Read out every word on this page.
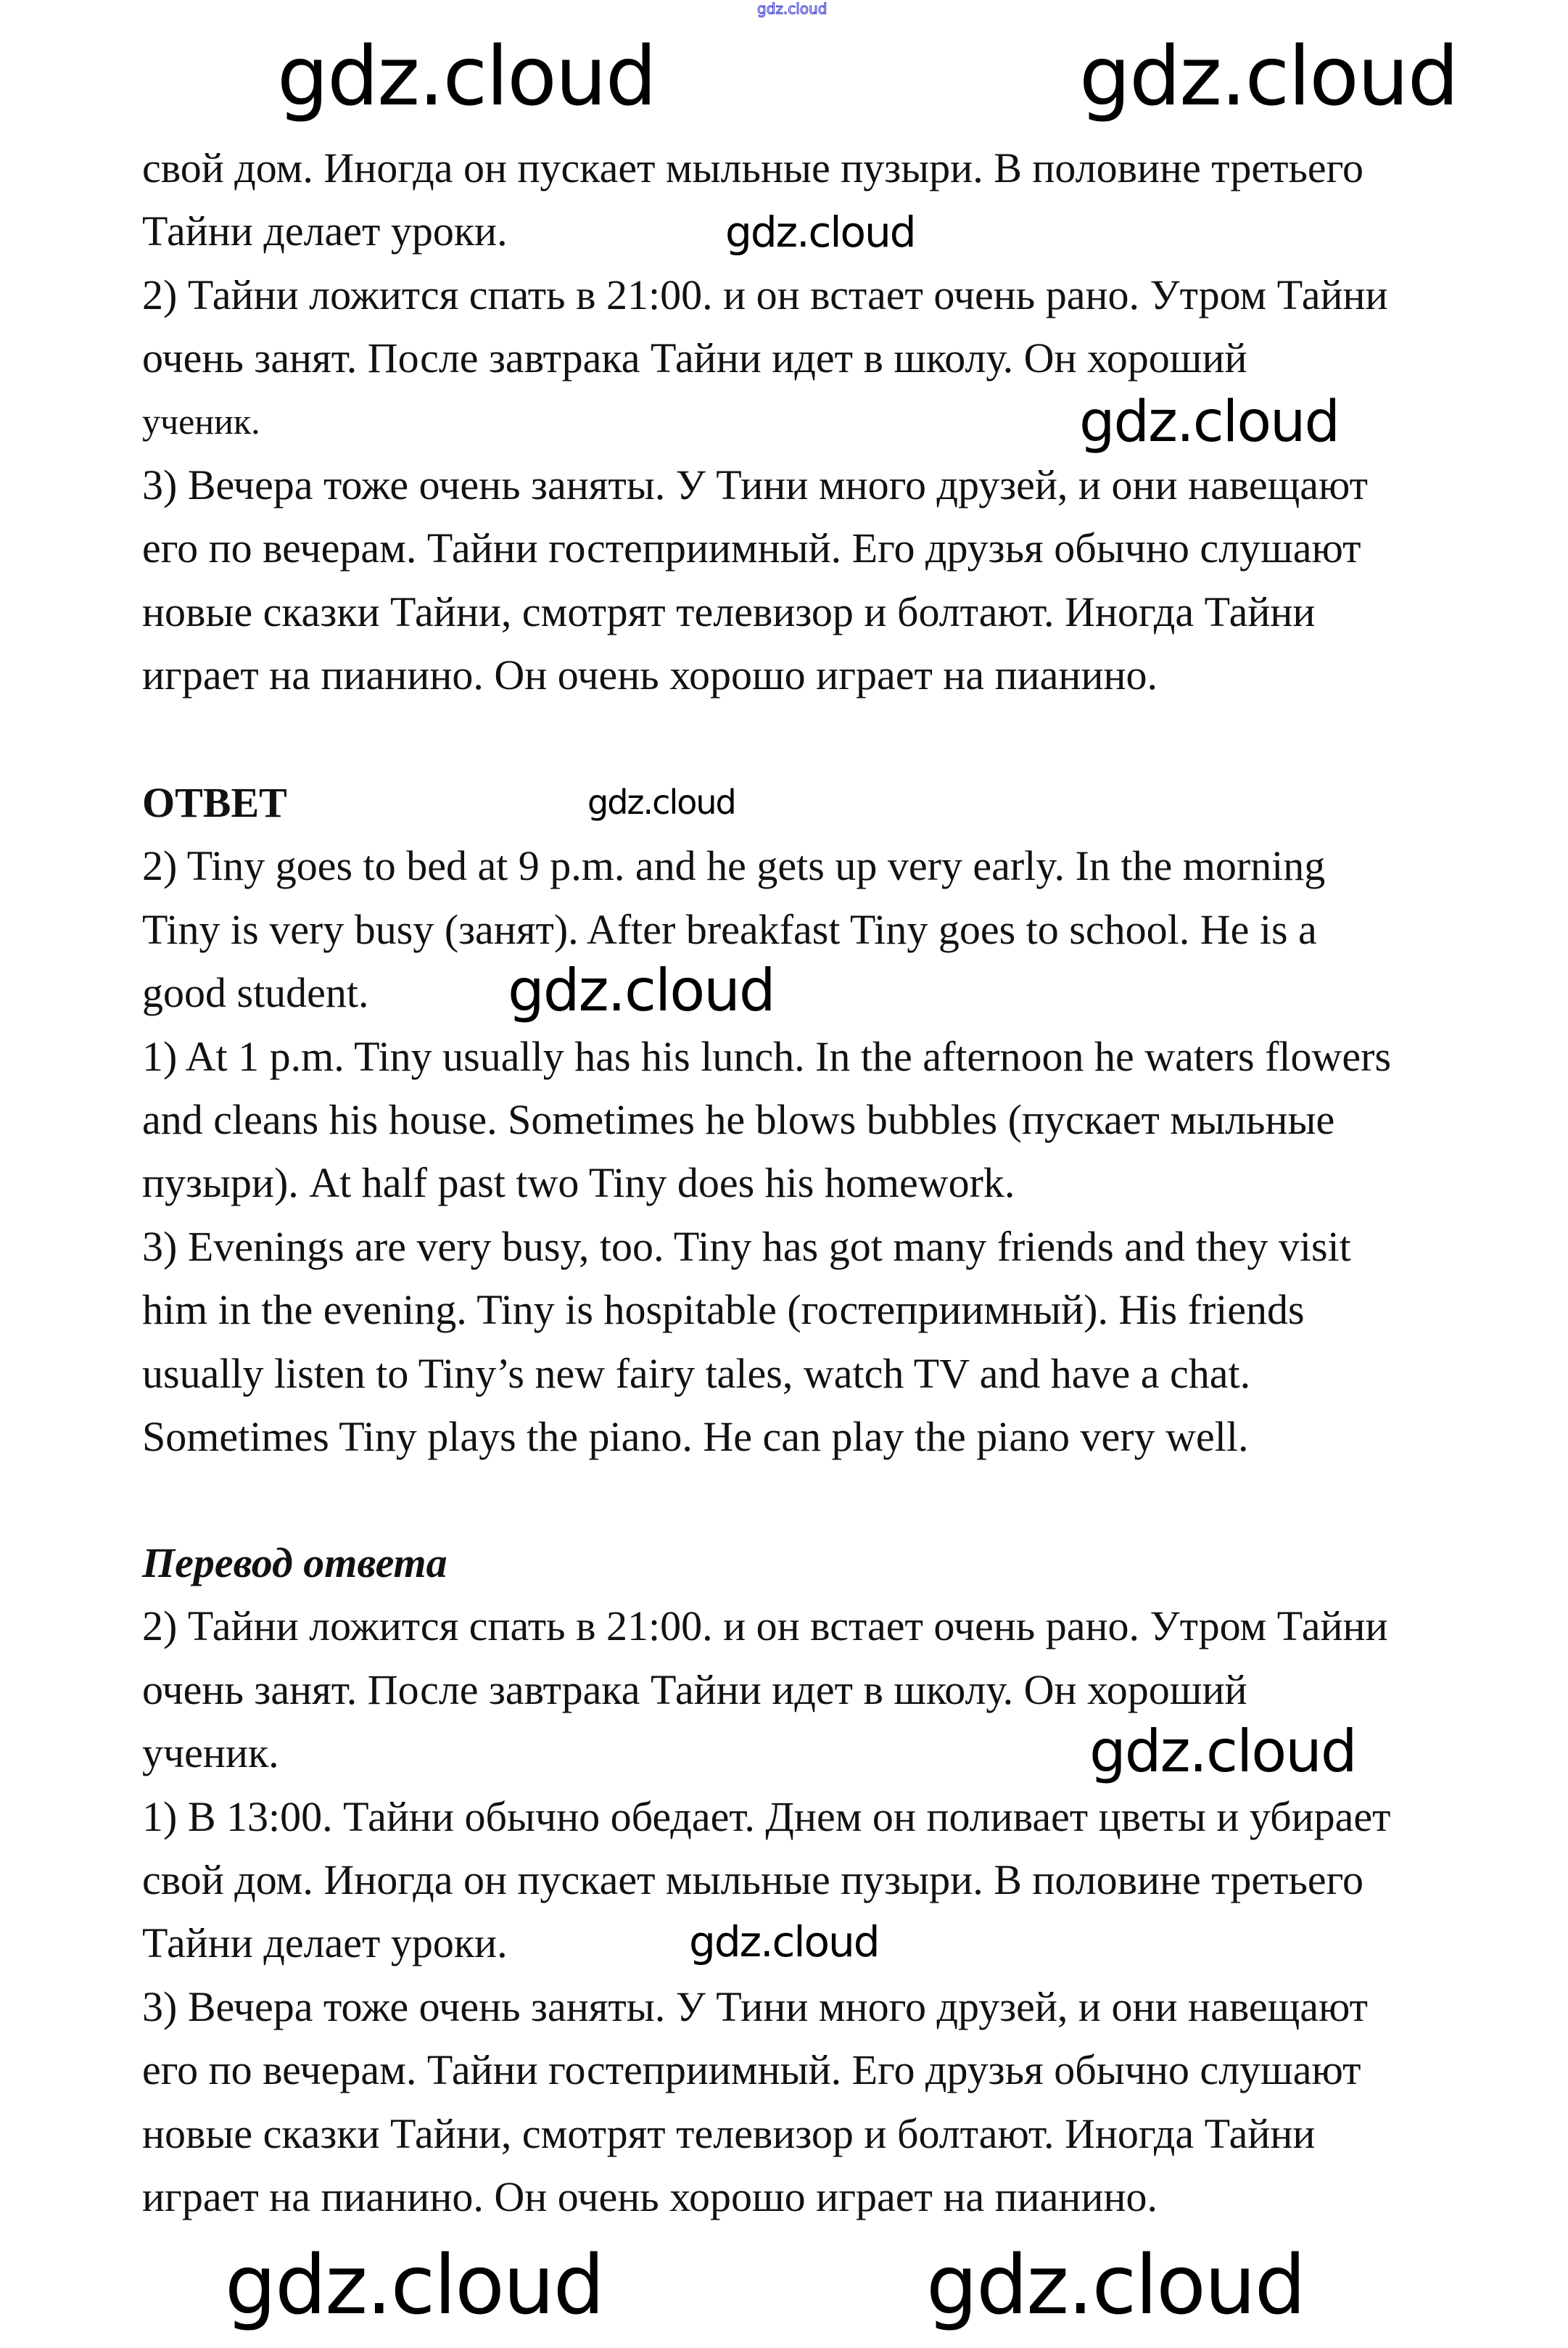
gdz.cloud
свой дом. Иногда он пускает мыльные пузыри. В половине третьего
Тайни делает уроки.
2) Тайни ложится спать в 21:00. и он встает очень рано. Утром Тайни
очень занят. После завтрака Тайни идет в школу. Он хороший
ученик.
3) Вечера тоже очень заняты. У Тини много друзей, и они навещают
его по вечерам. Тайни гостеприимный. Его друзья обычно слушают
новые сказки Тайни, смотрят телевизор и болтают. Иногда Тайни
играет на пианино. Он очень хорошо играет на пианино.
ОТВЕТ
2) Tiny goes to bed at 9 p.m. and he gets up very early. In the morning
Tiny is very busy (занят). After breakfast Tiny goes to school. He is a
good student.
1) At 1 p.m. Tiny usually has his lunch. In the afternoon he waters flowers
and cleans his house. Sometimes he blows bubbles (пускает мыльные
пузыри). At half past two Tiny does his homework.
3) Evenings are very busy, too. Tiny has got many friends and they visit
him in the evening. Tiny is hospitable (гостеприимный). His friends
usually listen to Tiny’s new fairy tales, watch TV and have a chat.
Sometimes Tiny plays the piano. He can play the piano very well.
Перевод ответа
2) Тайни ложится спать в 21:00. и он встает очень рано. Утром Тайни
очень занят. После завтрака Тайни идет в школу. Он хороший
ученик.
1) В 13:00. Тайни обычно обедает. Днем он поливает цветы и убирает
свой дом. Иногда он пускает мыльные пузыри. В половине третьего
Тайни делает уроки.
3) Вечера тоже очень заняты. У Тини много друзей, и они навещают
его по вечерам. Тайни гостеприимный. Его друзья обычно слушают
новые сказки Тайни, смотрят телевизор и болтают. Иногда Тайни
играет на пианино. Он очень хорошо играет на пианино.
gdz.cloud	gdz.cloud
gdz.cloud
gdz.cloud
gdz.cloud	gdz.cloud
gdz.cloud
gdz.cloud
gdz.cloud
gdz.cloud
